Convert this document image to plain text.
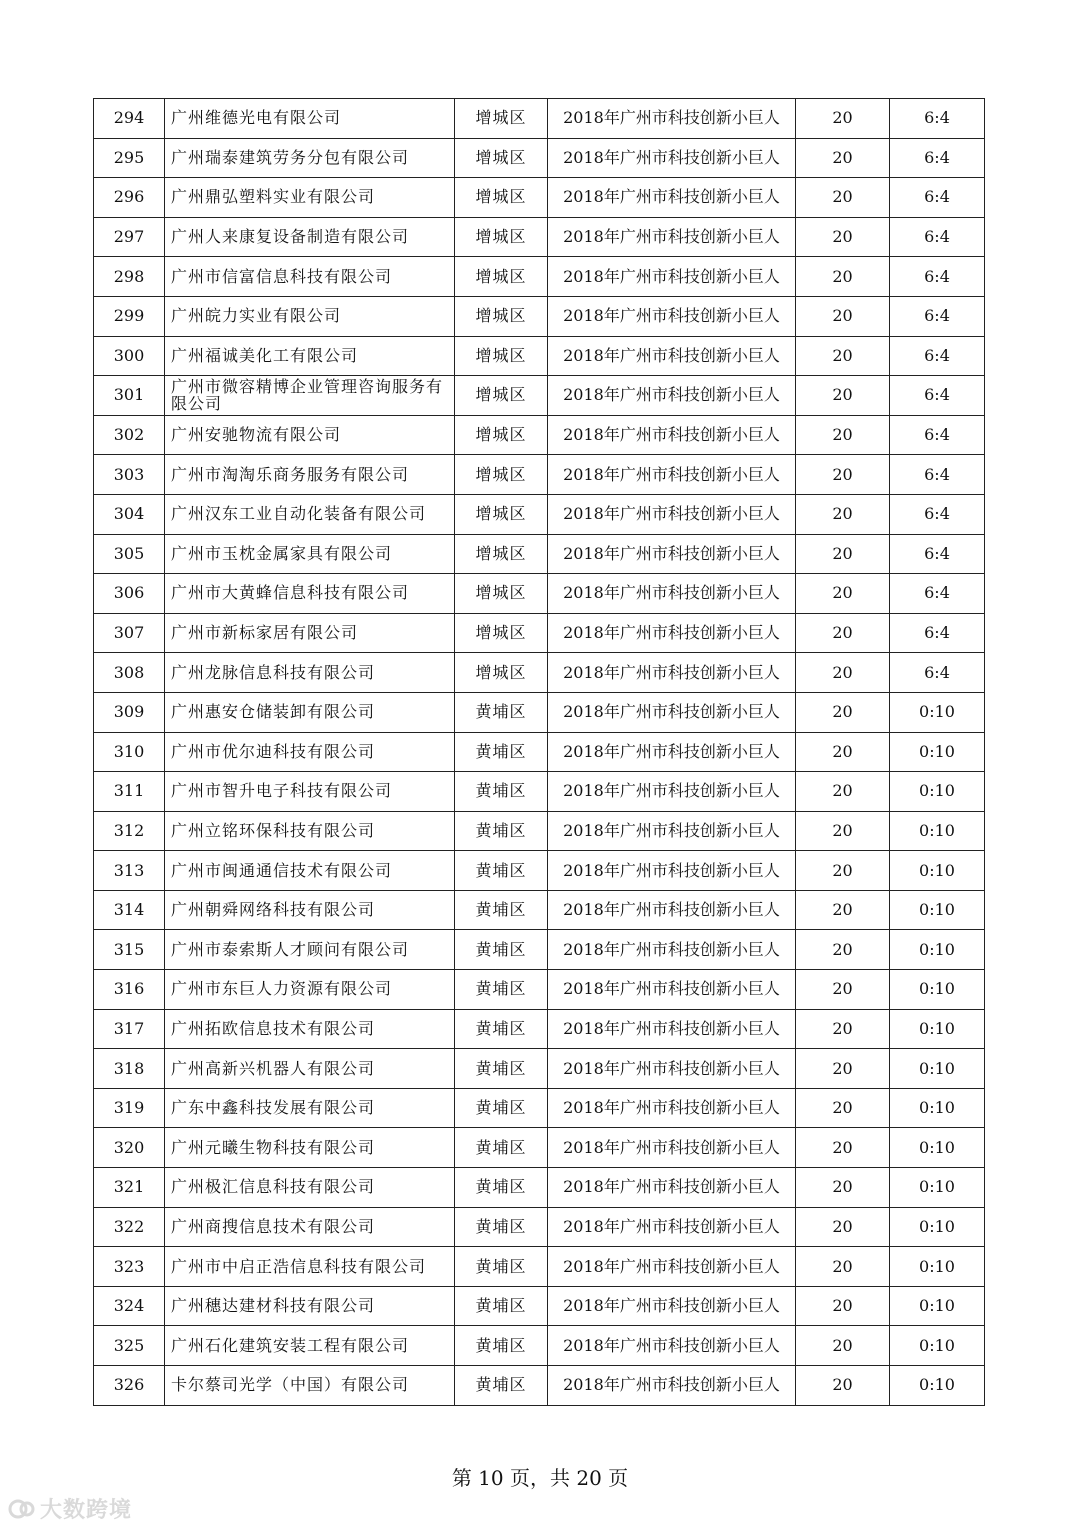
294	广州维德光电有限公司	增城区	2018年广州市科技创新小巨人	20	6:4
295	广州瑞泰建筑劳务分包有限公司	增城区	2018年广州市科技创新小巨人	20	6:4
296	广州鼎弘塑料实业有限公司	增城区	2018年广州市科技创新小巨人	20	6:4
297	广州人来康复设备制造有限公司	增城区	2018年广州市科技创新小巨人	20	6:4
298	广州市信富信息科技有限公司	增城区	2018年广州市科技创新小巨人	20	6:4
299	广州皖力实业有限公司	增城区	2018年广州市科技创新小巨人	20	6:4
300	广州福诚美化工有限公司	增城区	2018年广州市科技创新小巨人	20	6:4
301	广州市微容精博企业管理咨询服务有限公司	增城区	2018年广州市科技创新小巨人	20	6:4
302	广州安驰物流有限公司	增城区	2018年广州市科技创新小巨人	20	6:4
303	广州市淘淘乐商务服务有限公司	增城区	2018年广州市科技创新小巨人	20	6:4
304	广州汉东工业自动化装备有限公司	增城区	2018年广州市科技创新小巨人	20	6:4
305	广州市玉枕金属家具有限公司	增城区	2018年广州市科技创新小巨人	20	6:4
306	广州市大黄蜂信息科技有限公司	增城区	2018年广州市科技创新小巨人	20	6:4
307	广州市新标家居有限公司	增城区	2018年广州市科技创新小巨人	20	6:4
308	广州龙脉信息科技有限公司	增城区	2018年广州市科技创新小巨人	20	6:4
309	广州惠安仓储装卸有限公司	黄埔区	2018年广州市科技创新小巨人	20	0:10
310	广州市优尔迪科技有限公司	黄埔区	2018年广州市科技创新小巨人	20	0:10
311	广州市智升电子科技有限公司	黄埔区	2018年广州市科技创新小巨人	20	0:10
312	广州立铭环保科技有限公司	黄埔区	2018年广州市科技创新小巨人	20	0:10
313	广州市闽通通信技术有限公司	黄埔区	2018年广州市科技创新小巨人	20	0:10
314	广州朝舜网络科技有限公司	黄埔区	2018年广州市科技创新小巨人	20	0:10
315	广州市泰索斯人才顾问有限公司	黄埔区	2018年广州市科技创新小巨人	20	0:10
316	广州市东巨人力资源有限公司	黄埔区	2018年广州市科技创新小巨人	20	0:10
317	广州拓欧信息技术有限公司	黄埔区	2018年广州市科技创新小巨人	20	0:10
318	广州高新兴机器人有限公司	黄埔区	2018年广州市科技创新小巨人	20	0:10
319	广东中鑫科技发展有限公司	黄埔区	2018年广州市科技创新小巨人	20	0:10
320	广州元曦生物科技有限公司	黄埔区	2018年广州市科技创新小巨人	20	0:10
321	广州极汇信息科技有限公司	黄埔区	2018年广州市科技创新小巨人	20	0:10
322	广州商搜信息技术有限公司	黄埔区	2018年广州市科技创新小巨人	20	0:10
323	广州市中启正浩信息科技有限公司	黄埔区	2018年广州市科技创新小巨人	20	0:10
324	广州穗达建材科技有限公司	黄埔区	2018年广州市科技创新小巨人	20	0:10
325	广州石化建筑安装工程有限公司	黄埔区	2018年广州市科技创新小巨人	20	0:10
326	卡尔蔡司光学（中国）有限公司	黄埔区	2018年广州市科技创新小巨人	20	0:10
第 10 页，共 20 页
大数跨境
